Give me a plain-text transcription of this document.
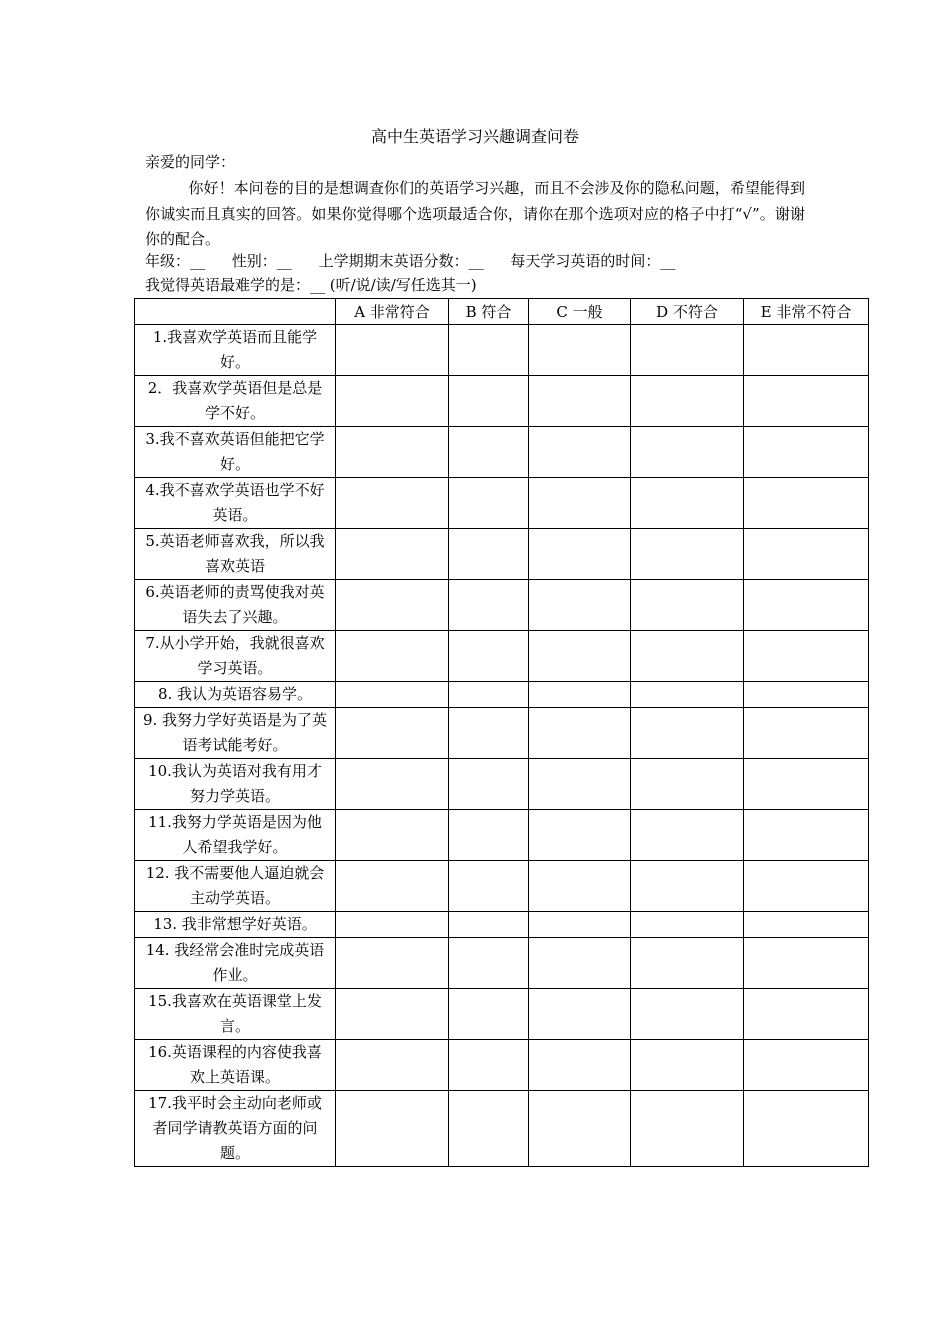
高中生英语学习兴趣调查问卷
亲爱的同学：
你好！本问卷的目的是想调查你们的英语学习兴趣，而且不会涉及你的隐私问题，希望能得到你诚实而且真实的回答。如果你觉得哪个选项最适合你，请你在那个选项对应的格子中打“√”。谢谢你的配合。
年级：__ 性别：__ 上学期期末英语分数：__ 每天学习英语的时间：__
我觉得英语最难学的是：__ (听/说/读/写任选其一)
	A 非常符合	B 符合	C 一般	D 不符合	E 非常不符合
1.我喜欢学英语而且能学好。					
2．我喜欢学英语但是总是学不好。					
3.我不喜欢英语但能把它学好。					
4.我不喜欢学英语也学不好英语。					
5.英语老师喜欢我，所以我喜欢英语					
6.英语老师的责骂使我对英语失去了兴趣。					
7.从小学开始，我就很喜欢学习英语。					
8. 我认为英语容易学。					
9. 我努力学好英语是为了英语考试能考好。					
10.我认为英语对我有用才努力学英语。					
11.我努力学英语是因为他人希望我学好。					
12. 我不需要他人逼迫就会主动学英语。					
13. 我非常想学好英语。					
14. 我经常会准时完成英语作业。					
15.我喜欢在英语课堂上发言。					
16.英语课程的内容使我喜欢上英语课。					
17.我平时会主动向老师或者同学请教英语方面的问题。					
